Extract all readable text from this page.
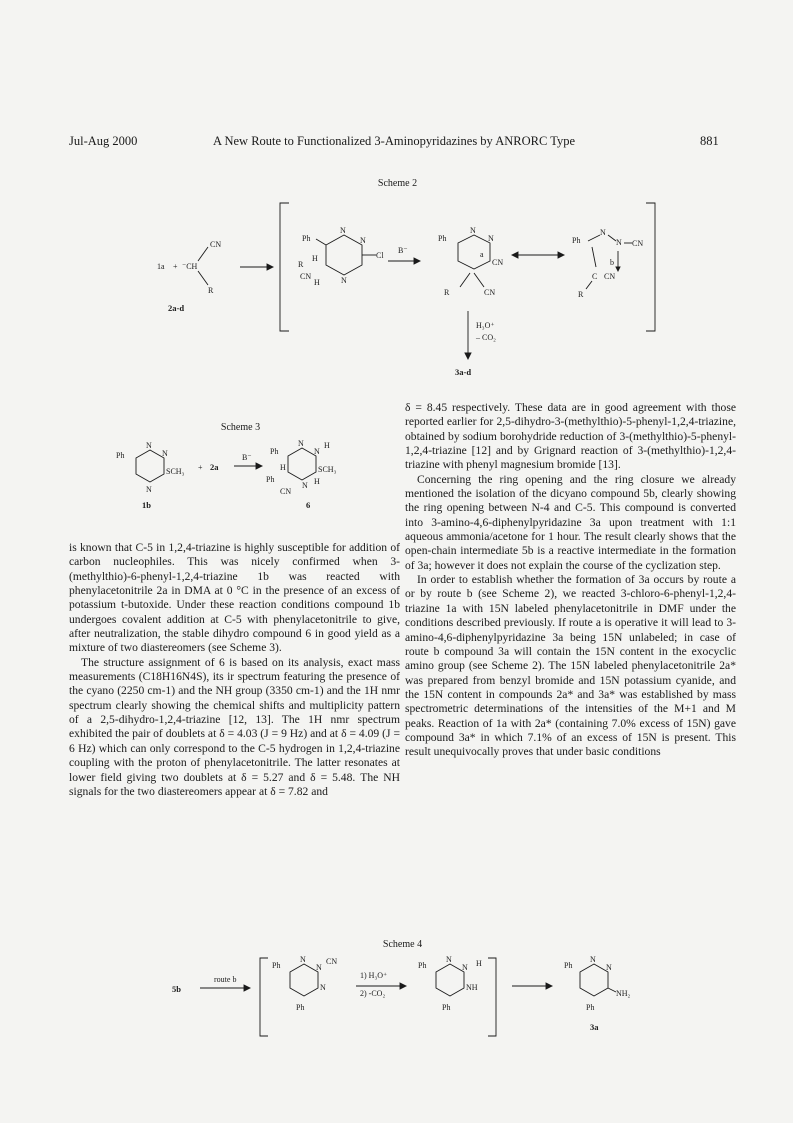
Jul-Aug 2000	A New Route to Functionalized 3-Aminopyridazines by ANRORC Type	881
Scheme 2
1a + ⁻CH
CN
R
2a-d
Ph
N
N
N
Cl
R
H
CN
H
B⁻
Ph
N
N
a
CN
R	CN
Ph
N
N CN
b
C CN
R
H₃O⁺
– CO₂
3a-d
Scheme 3
Ph
N
N
N
SCH₃
1b
+ 2a
B⁻
Ph
N
N
H
SCH₃
N H
H
Ph
CN
6

is known that C-5 in 1,2,4-triazine is highly susceptible for addition of carbon nucleophiles. This was nicely confirmed when 3-(methylthio)-6-phenyl-1,2,4-triazine 1b was reacted with phenylacetonitrile 2a in DMA at 0 °C in the presence of an excess of potassium t-butoxide. Under these reaction conditions compound 1b undergoes covalent addition at C-5 with phenylacetonitrile to give, after neutralization, the stable dihydro compound 6 in good yield as a mixture of two diastereomers (see Scheme 3).

The structure assignment of 6 is based on its analysis, exact mass measurements (C18H16N4S), its ir spectrum featuring the presence of the cyano (2250 cm-1) and the NH group (3350 cm-1) and the 1H nmr spectrum clearly showing the chemical shifts and multiplicity pattern of a 2,5-dihydro-1,2,4-triazine [12, 13]. The 1H nmr spectrum exhibited the pair of doublets at δ = 4.03 (J = 9 Hz) and at δ = 4.09 (J = 6 Hz) which can only correspond to the C-5 hydrogen in 1,2,4-triazine coupling with the proton of phenylacetonitrile. The latter resonates at lower field giving two doublets at δ = 5.27 and δ = 5.48. The NH signals for the two diastereomers appear at δ = 7.82 and

δ = 8.45 respectively. These data are in good agreement with those reported earlier for 2,5-dihydro-3-(methylthio)-5-phenyl-1,2,4-triazine, obtained by sodium borohydride reduction of 3-(methylthio)-5-phenyl-1,2,4-triazine [12] and by Grignard reaction of 3-(methylthio)-1,2,4-triazine with phenyl magnesium bromide [13].

Concerning the ring opening and the ring closure we already mentioned the isolation of the dicyano compound 5b, clearly showing the ring opening between N-4 and C-5. This compound is converted into 3-amino-4,6-diphenylpyridazine 3a upon treatment with 1:1 aqueous ammonia/acetone for 1 hour. The result clearly shows that the open-chain intermediate 5b is a reactive intermediate in the formation of 3a; however it does not explain the course of the cyclization step.

In order to establish whether the formation of 3a occurs by route a or by route b (see Scheme 2), we reacted 3-chloro-6-phenyl-1,2,4-triazine 1a with 15N labeled phenylacetonitrile in DMF under the conditions described previously. If route a is operative it will lead to 3-amino-4,6-diphenylpyridazine 3a being 15N unlabeled; in case of route b compound 3a will contain the 15N content in the exocyclic amino group (see Scheme 2). The 15N labeled phenylacetonitrile 2a* was prepared from benzyl bromide and 15N potassium cyanide, and the 15N content in compounds 2a* and 3a* was established by mass spectrometric determinations of the intensities of the M+1 and M peaks. Reaction of 1a with 2a* (containing 7.0% excess of 15N) gave compound 3a* in which 7.1% of an excess of 15N is present. This result unequivocally proves that under basic conditions

Scheme 4
5b
route b
Ph
N
N
CN
N
Ph
1) H₃O⁺
2) -CO₂
Ph
N
N H
NH
Ph
Ph
N
N
NH₂
Ph
3a
